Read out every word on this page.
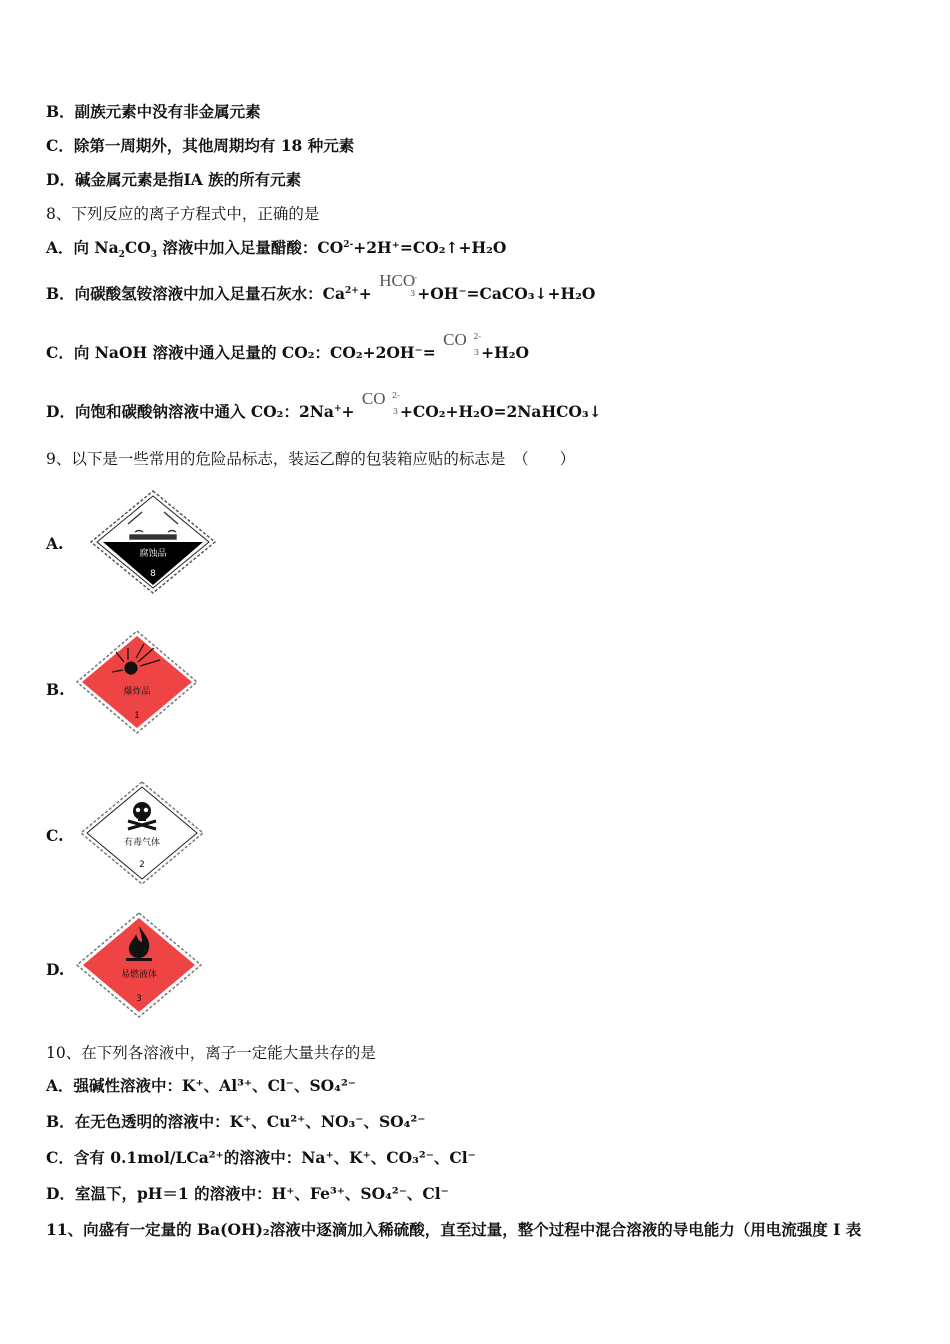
B．副族元素中没有非金属元素
C．除第一周期外，其他周期均有 18 种元素
D．碱金属元素是指ⅠA 族的所有元素
8、下列反应的离子方程式中，正确的是
A．向 $Na_2CO_3$ 溶液中加入足量醋酸：$CO^{2-}+2H^+=CO_2↑+H_2O$
B．向碳酸氢铵溶液中加入足量石灰水：$Ca^{2+}+$
HCO -
3 +OH⁻=CaCO₃↓+H₂O
C．向 NaOH 溶液中通入足量的 CO₂：CO₂+2OH⁻=
CO 2-
3 +H₂O
D．向饱和碳酸钠溶液中通入 CO₂：2Na++
CO 2-
3 +CO₂+H₂O=2NaHCO₃↓
9、以下是一些常用的危险品标志，装运乙醇的包装箱应贴的标志是　（　　）
A.
腐蚀品
8
B.	爆炸品
1
C.	有毒气体
2
D.	易燃液体
3
10、在下列各溶液中，离子一定能大量共存的是
A．强碱性溶液中：K⁺、Al³⁺、Cl⁻、SO₄²⁻
B．在无色透明的溶液中：K⁺、Cu²⁺、NO₃⁻、SO₄²⁻
C．含有 0.1mol/LCa²⁺的溶液中：Na⁺、K⁺、CO₃²⁻、Cl⁻
D．室温下，pH＝1 的溶液中：H⁺、Fe³⁺、SO₄²⁻、Cl⁻
11、向盛有一定量的 Ba(OH)₂溶液中逐滴加入稀硫酸，直至过量，整个过程中混合溶液的导电能力（用电流强度 I 表
